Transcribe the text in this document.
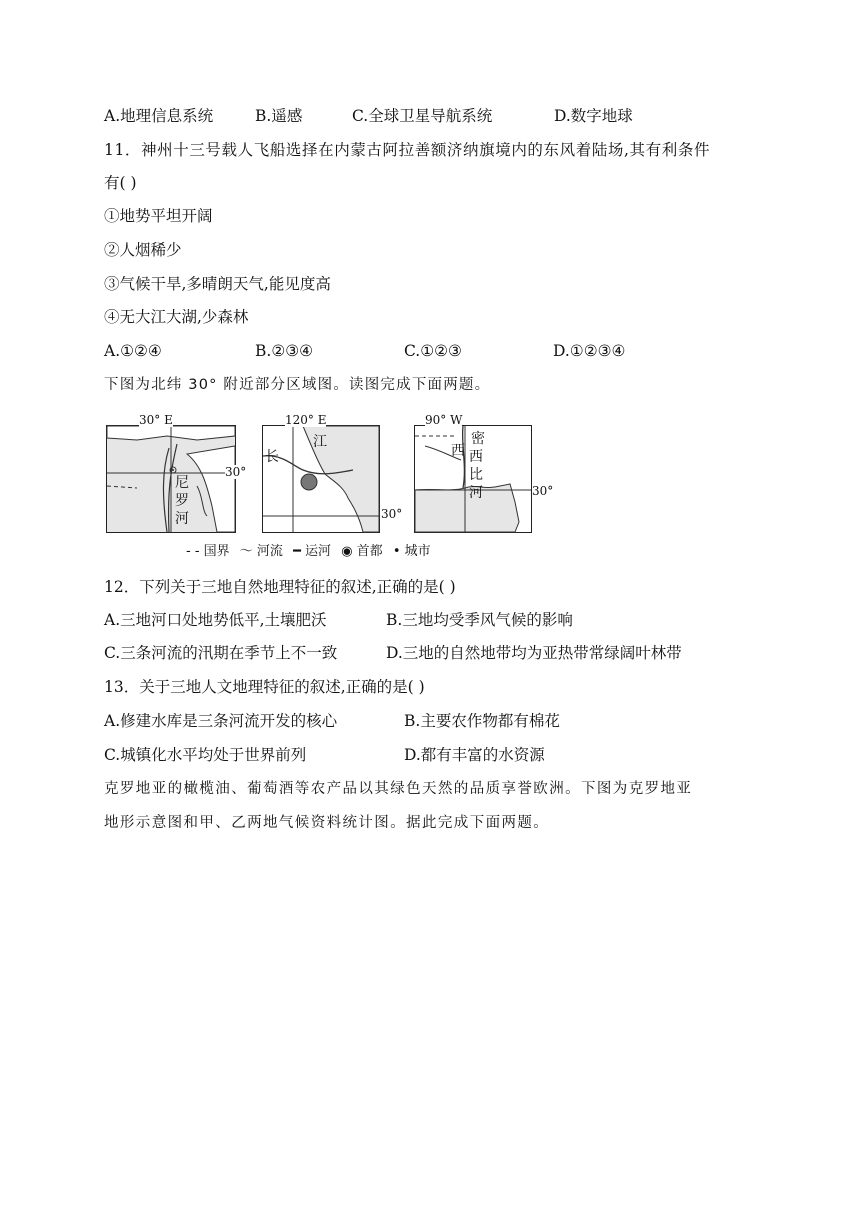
A.地理信息系统	B.遥感	C.全球卫星导航系统	D.数字地球
11．神州十三号载人飞船选择在内蒙古阿拉善额济纳旗境内的东风着陆场,其有利条件
有( )
①地势平坦开阔
②人烟稀少
③气候干旱,多晴朗天气,能见度高
④无大江大湖,少森林
A.①②④	B.②③④	C.①②③	D.①②③④
下图为北纬 30° 附近部分区域图。读图完成下面两题。
30° E
尼
罗
河
30°
120° E
长
江
30°
90° W
密
西 西
比
河	30°
- - 国界 〜 河流 ━ 运河 ◉ 首都 • 城市
12．下列关于三地自然地理特征的叙述,正确的是( )
A.三地河口处地势低平,土壤肥沃	B.三地均受季风气候的影响
C.三条河流的汛期在季节上不一致	D.三地的自然地带均为亚热带常绿阔叶林带
13．关于三地人文地理特征的叙述,正确的是( )
A.修建水库是三条河流开发的核心	B.主要农作物都有棉花
C.城镇化水平均处于世界前列	D.都有丰富的水资源
克罗地亚的橄榄油、葡萄酒等农产品以其绿色天然的品质享誉欧洲。下图为克罗地亚
地形示意图和甲、乙两地气候资料统计图。据此完成下面两题。
